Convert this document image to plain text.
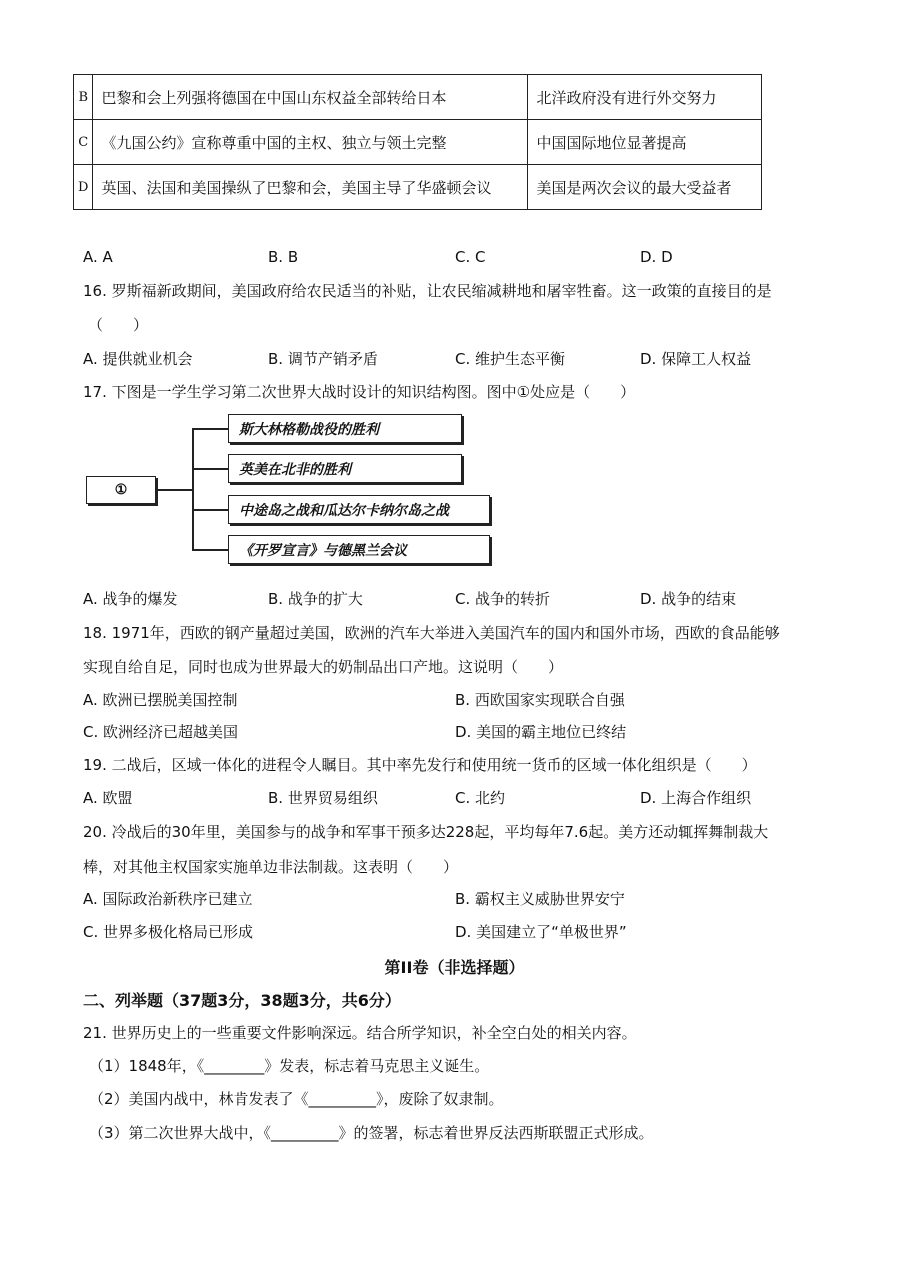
B	巴黎和会上列强将德国在中国山东权益全部转给日本	北洋政府没有进行外交努力
C	《九国公约》宣称尊重中国的主权、独立与领土完整	中国国际地位显著提高
D	英国、法国和美国操纵了巴黎和会，美国主导了华盛顿会议	美国是两次会议的最大受益者
A. A	B. B	C. C	D. D
16. 罗斯福新政期间，美国政府给农民适当的补贴，让农民缩减耕地和屠宰牲畜。这一政策的直接目的是
（　　）
A. 提供就业机会	B. 调节产销矛盾	C. 维护生态平衡	D. 保障工人权益
17. 下图是一学生学习第二次世界大战时设计的知识结构图。图中①处应是（　　）
①
斯大林格勒战役的胜利
英美在北非的胜利
中途岛之战和瓜达尔卡纳尔岛之战
《开罗宣言》与德黑兰会议
A. 战争的爆发	B. 战争的扩大	C. 战争的转折	D. 战争的结束
18. 1971年，西欧的钢产量超过美国，欧洲的汽车大举进入美国汽车的国内和国外市场，西欧的食品能够
实现自给自足，同时也成为世界最大的奶制品出口产地。这说明（　　）
A. 欧洲已摆脱美国控制	B. 西欧国家实现联合自强
C. 欧洲经济已超越美国	D. 美国的霸主地位已终结
19. 二战后，区域一体化的进程令人瞩目。其中率先发行和使用统一货币的区域一体化组织是（　　）
A. 欧盟	B. 世界贸易组织	C. 北约	D. 上海合作组织
20. 冷战后的30年里，美国参与的战争和军事干预多达228起，平均每年7.6起。美方还动辄挥舞制裁大
棒，对其他主权国家实施单边非法制裁。这表明（　　）
A. 国际政治新秩序已建立	B. 霸权主义威胁世界安宁
C. 世界多极化格局已形成	D. 美国建立了“单极世界”
第II卷（非选择题）
二、列举题（37题3分，38题3分，共6分）
21. 世界历史上的一些重要文件影响深远。结合所学知识，补全空白处的相关内容。
（1）1848年，《________》发表，标志着马克思主义诞生。
（2）美国内战中，林肯发表了《_________》，废除了奴隶制。
（3）第二次世界大战中，《_________》的签署，标志着世界反法西斯联盟正式形成。
